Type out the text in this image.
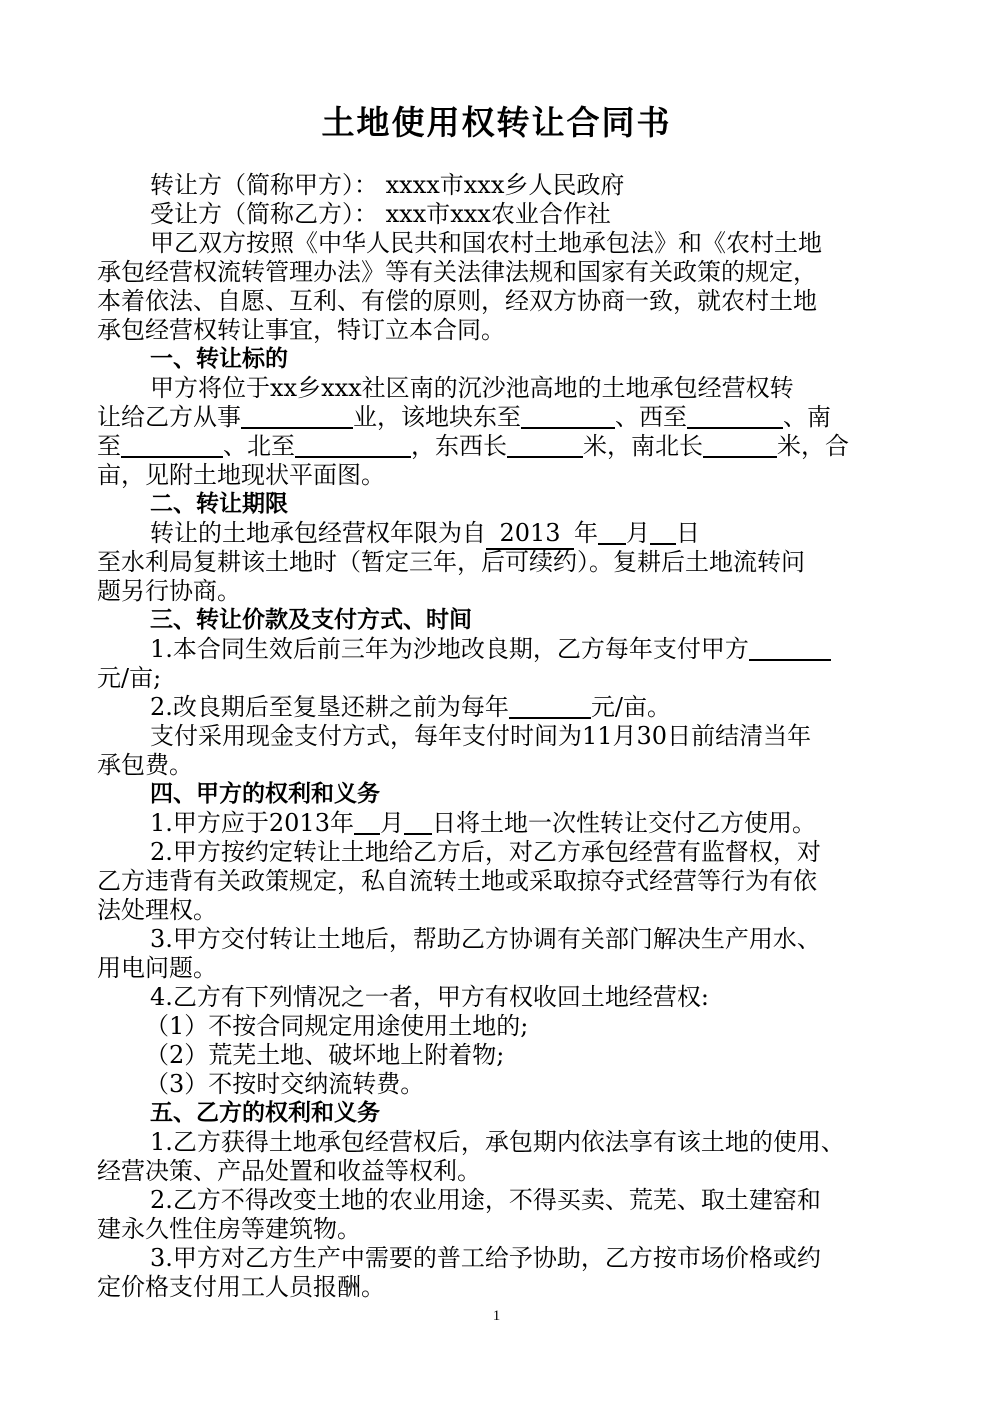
土地使用权转让合同书
转让方（简称甲方）： xxxx市xxx乡人民政府
受让方（简称乙方）： xxx市xxx农业合作社
甲乙双方按照《中华人民共和国农村土地承包法》和《农村土地
承包经营权流转管理办法》等有关法律法规和国家有关政策的规定，
本着依法、自愿、互利、有偿的原则，经双方协商一致，就农村土地
承包经营权转让事宜，特订立本合同。
一、转让标的
甲方将位于xx乡xxx社区南的沉沙池高地的土地承包经营权转
让给乙方从事	业，该地块东至	、西至	、南
至	、北至	，东西长	米，南北长	米，合
亩，见附土地现状平面图。
二、转让期限
转让的土地承包经营权年限为自 2013 年 月 日
至水利局复耕该土地时（暂定三年，后可续约）。复耕后土地流转问
题另行协商。
三、转让价款及支付方式、时间
1.本合同生效后前三年为沙地改良期，乙方每年支付甲方
元/亩;
2.改良期后至复垦还耕之前为每年	元/亩。
支付采用现金支付方式，每年支付时间为11月30日前结清当年
承包费。
四、甲方的权利和义务
1.甲方应于2013年 月 日将土地一次性转让交付乙方使用。
2.甲方按约定转让土地给乙方后，对乙方承包经营有监督权，对
乙方违背有关政策规定，私自流转土地或采取掠夺式经营等行为有依
法处理权。
3.甲方交付转让土地后，帮助乙方协调有关部门解决生产用水、
用电问题。
4.乙方有下列情况之一者，甲方有权收回土地经营权:
（1）不按合同规定用途使用土地的;
（2）荒芜土地、破坏地上附着物;
（3）不按时交纳流转费。
五、乙方的权利和义务
1.乙方获得土地承包经营权后，承包期内依法享有该土地的使用、
经营决策、产品处置和收益等权利。
2.乙方不得改变土地的农业用途，不得买卖、荒芜、取土建窑和
建永久性住房等建筑物。
3.甲方对乙方生产中需要的普工给予协助，乙方按市场价格或约
定价格支付用工人员报酬。
1
